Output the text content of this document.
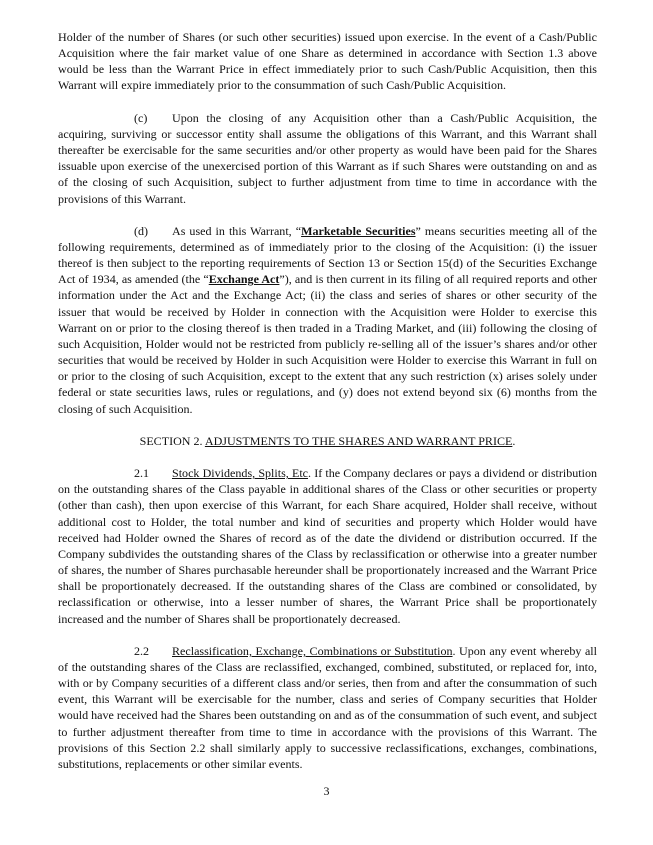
Holder of the number of Shares (or such other securities) issued upon exercise. In the event of a Cash/Public Acquisition where the fair market value of one Share as determined in accordance with Section 1.3 above would be less than the Warrant Price in effect immediately prior to such Cash/Public Acquisition, then this Warrant will expire immediately prior to the consummation of such Cash/Public Acquisition.

(c) Upon the closing of any Acquisition other than a Cash/Public Acquisition, the acquiring, surviving or successor entity shall assume the obligations of this Warrant, and this Warrant shall thereafter be exercisable for the same securities and/or other property as would have been paid for the Shares issuable upon exercise of the unexercised portion of this Warrant as if such Shares were outstanding on and as of the closing of such Acquisition, subject to further adjustment from time to time in accordance with the provisions of this Warrant.

(d) As used in this Warrant, “Marketable Securities” means securities meeting all of the following requirements, determined as of immediately prior to the closing of the Acquisition: (i) the issuer thereof is then subject to the reporting requirements of Section 13 or Section 15(d) of the Securities Exchange Act of 1934, as amended (the “Exchange Act”), and is then current in its filing of all required reports and other information under the Act and the Exchange Act; (ii) the class and series of shares or other security of the issuer that would be received by Holder in connection with the Acquisition were Holder to exercise this Warrant on or prior to the closing thereof is then traded in a Trading Market, and (iii) following the closing of such Acquisition, Holder would not be restricted from publicly re-selling all of the issuer’s shares and/or other securities that would be received by Holder in such Acquisition were Holder to exercise this Warrant in full on or prior to the closing of such Acquisition, except to the extent that any such restriction (x) arises solely under federal or state securities laws, rules or regulations, and (y) does not extend beyond six (6) months from the closing of such Acquisition.

SECTION 2. ADJUSTMENTS TO THE SHARES AND WARRANT PRICE.

2.1 Stock Dividends, Splits, Etc. If the Company declares or pays a dividend or distribution on the outstanding shares of the Class payable in additional shares of the Class or other securities or property (other than cash), then upon exercise of this Warrant, for each Share acquired, Holder shall receive, without additional cost to Holder, the total number and kind of securities and property which Holder would have received had Holder owned the Shares of record as of the date the dividend or distribution occurred. If the Company subdivides the outstanding shares of the Class by reclassification or otherwise into a greater number of shares, the number of Shares purchasable hereunder shall be proportionately increased and the Warrant Price shall be proportionately decreased. If the outstanding shares of the Class are combined or consolidated, by reclassification or otherwise, into a lesser number of shares, the Warrant Price shall be proportionately increased and the number of Shares shall be proportionately decreased.

2.2 Reclassification, Exchange, Combinations or Substitution. Upon any event whereby all of the outstanding shares of the Class are reclassified, exchanged, combined, substituted, or replaced for, into, with or by Company securities of a different class and/or series, then from and after the consummation of such event, this Warrant will be exercisable for the number, class and series of Company securities that Holder would have received had the Shares been outstanding on and as of the consummation of such event, and subject to further adjustment thereafter from time to time in accordance with the provisions of this Warrant. The provisions of this Section 2.2 shall similarly apply to successive reclassifications, exchanges, combinations, substitutions, replacements or other similar events.

3
